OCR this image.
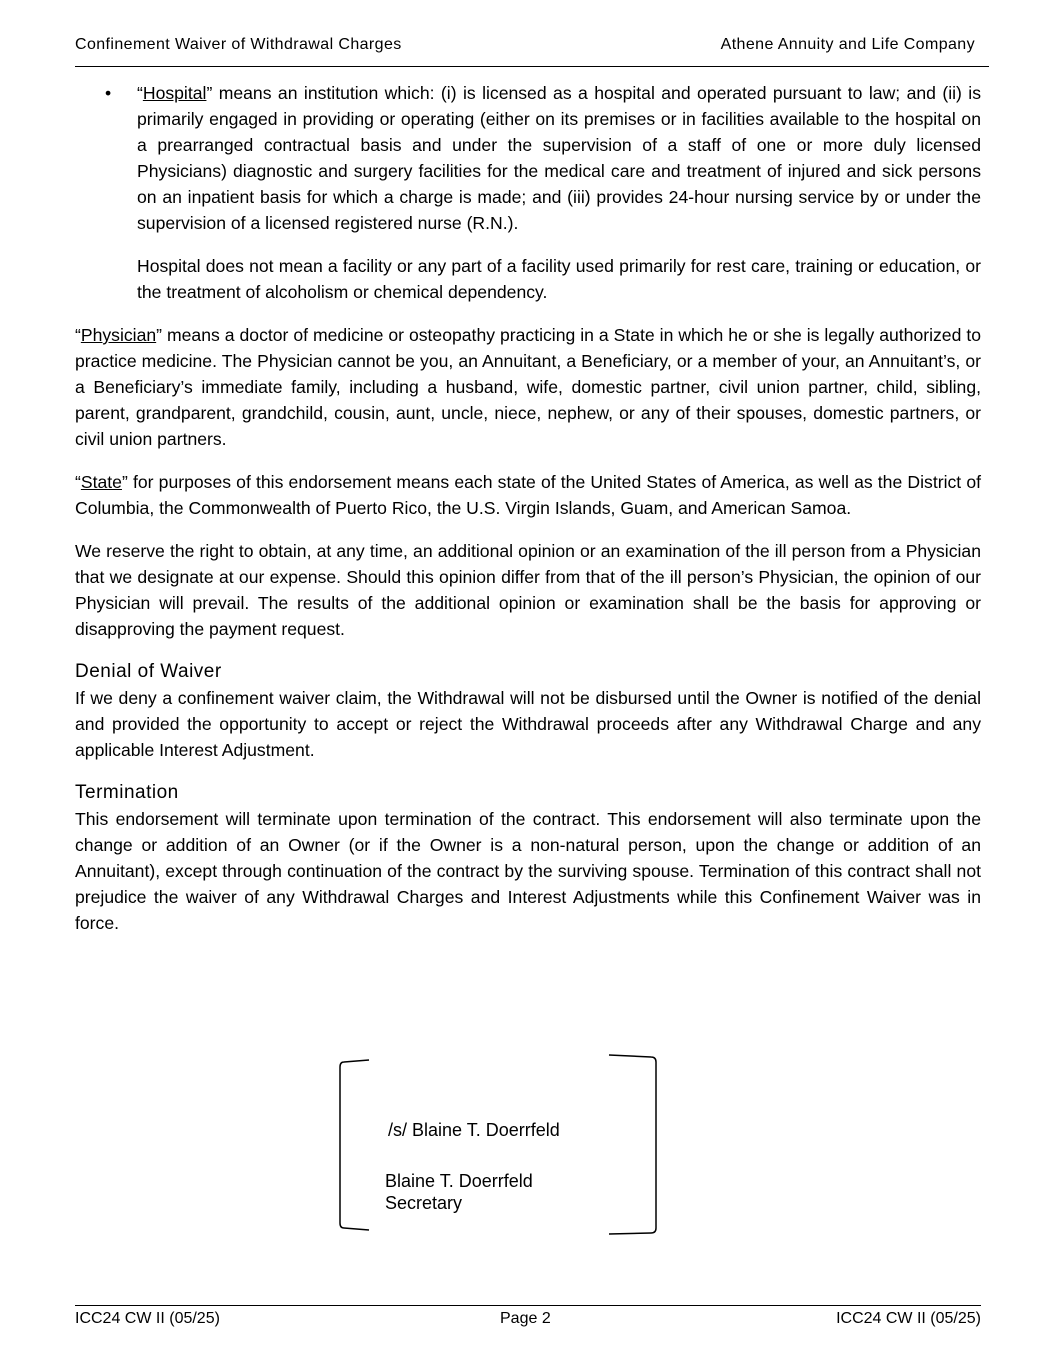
Confinement Waiver of Withdrawal Charges	Athene Annuity and Life Company
• “Hospital” means an institution which: (i) is licensed as a hospital and operated pursuant to law; and (ii) is primarily engaged in providing or operating (either on its premises or in facilities available to the hospital on a prearranged contractual basis and under the supervision of a staff of one or more duly licensed Physicians) diagnostic and surgery facilities for the medical care and treatment of injured and sick persons on an inpatient basis for which a charge is made; and (iii) provides 24-hour nursing service by or under the supervision of a licensed registered nurse (R.N.).

Hospital does not mean a facility or any part of a facility used primarily for rest care, training or education, or the treatment of alcoholism or chemical dependency.

“Physician” means a doctor of medicine or osteopathy practicing in a State in which he or she is legally authorized to practice medicine. The Physician cannot be you, an Annuitant, a Beneficiary, or a member of your, an Annuitant’s, or a Beneficiary’s immediate family, including a husband, wife, domestic partner, civil union partner, child, sibling, parent, grandparent, grandchild, cousin, aunt, uncle, niece, nephew, or any of their spouses, domestic partners, or civil union partners.

“State” for purposes of this endorsement means each state of the United States of America, as well as the District of Columbia, the Commonwealth of Puerto Rico, the U.S. Virgin Islands, Guam, and American Samoa.

We reserve the right to obtain, at any time, an additional opinion or an examination of the ill person from a Physician that we designate at our expense. Should this opinion differ from that of the ill person’s Physician, the opinion of our Physician will prevail. The results of the additional opinion or examination shall be the basis for approving or disapproving the payment request.

Denial of Waiver

If we deny a confinement waiver claim, the Withdrawal will not be disbursed until the Owner is notified of the denial and provided the opportunity to accept or reject the Withdrawal proceeds after any Withdrawal Charge and any applicable Interest Adjustment.

Termination

This endorsement will terminate upon termination of the contract. This endorsement will also terminate upon the change or addition of an Owner (or if the Owner is a non-natural person, upon the change or addition of an Annuitant), except through continuation of the contract by the surviving spouse. Termination of this contract shall not prejudice the waiver of any Withdrawal Charges and Interest Adjustments while this Confinement Waiver was in force.

/s/ Blaine T. Doerrfeld
Blaine T. Doerrfeld
Secretary
ICC24 CW II (05/25)	Page 2	ICC24 CW II (05/25)
